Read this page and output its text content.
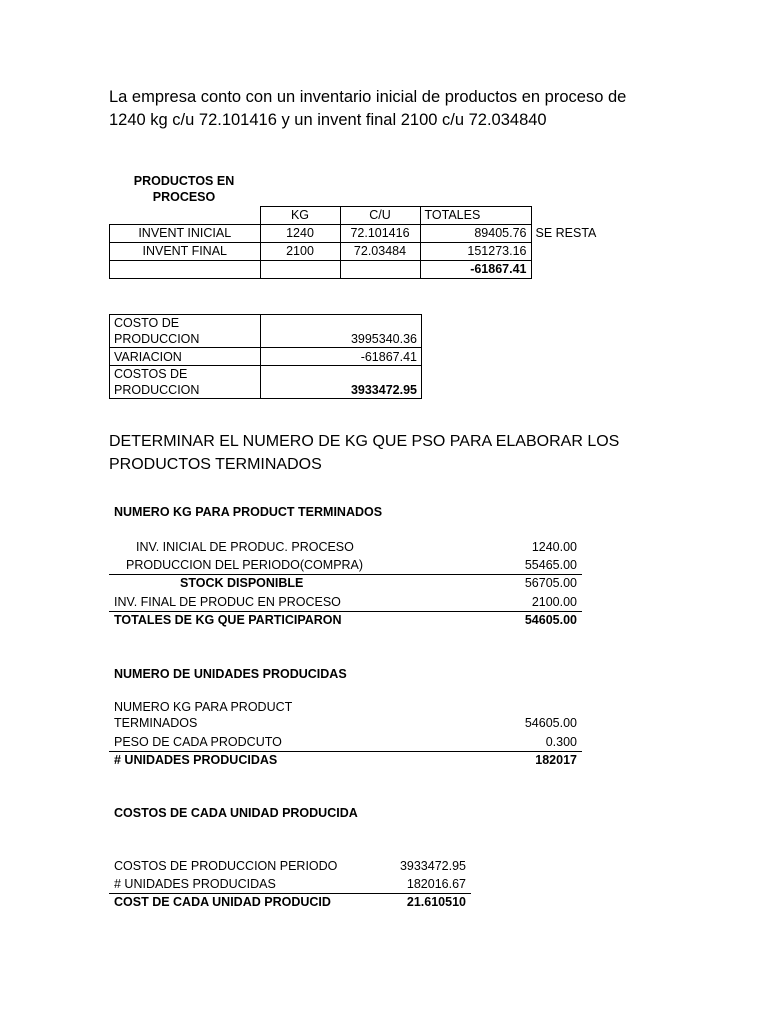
La empresa conto con un inventario inicial de productos en proceso de
1240 kg c/u 72.101416 y un invent final 2100 c/u 72.034840
PRODUCTOS EN
PROCESO
	KG	C/U	TOTALES	
INVENT INICIAL	1240	72.101416	89405.76	SE RESTA
INVENT FINAL	2100	72.03484	151273.16	
			-61867.41	
COSTO DE
PRODUCCION	3995340.36
VARIACION	-61867.41

COSTOS DE
PRODUCCION	3933472.95
DETERMINAR EL NUMERO DE KG QUE PSO PARA ELABORAR LOS
PRODUCTOS TERMINADOS
NUMERO KG PARA PRODUCT TERMINADOS
INV. INICIAL DE PRODUC. PROCESO	1240.00
PRODUCCION DEL PERIODO(COMPRA)	55465.00
STOCK DISPONIBLE	56705.00
INV. FINAL DE PRODUC EN PROCESO	2100.00
TOTALES DE KG QUE PARTICIPARON	54605.00
NUMERO DE UNIDADES PRODUCIDAS
NUMERO KG PARA PRODUCT
TERMINADOS	54605.00
PESO DE CADA PRODCUTO	0.300
# UNIDADES PRODUCIDAS	182017
COSTOS DE CADA UNIDAD PRODUCIDA
COSTOS DE PRODUCCION PERIODO	3933472.95
# UNIDADES PRODUCIDAS	182016.67
COST DE CADA UNIDAD PRODUCID	21.610510
